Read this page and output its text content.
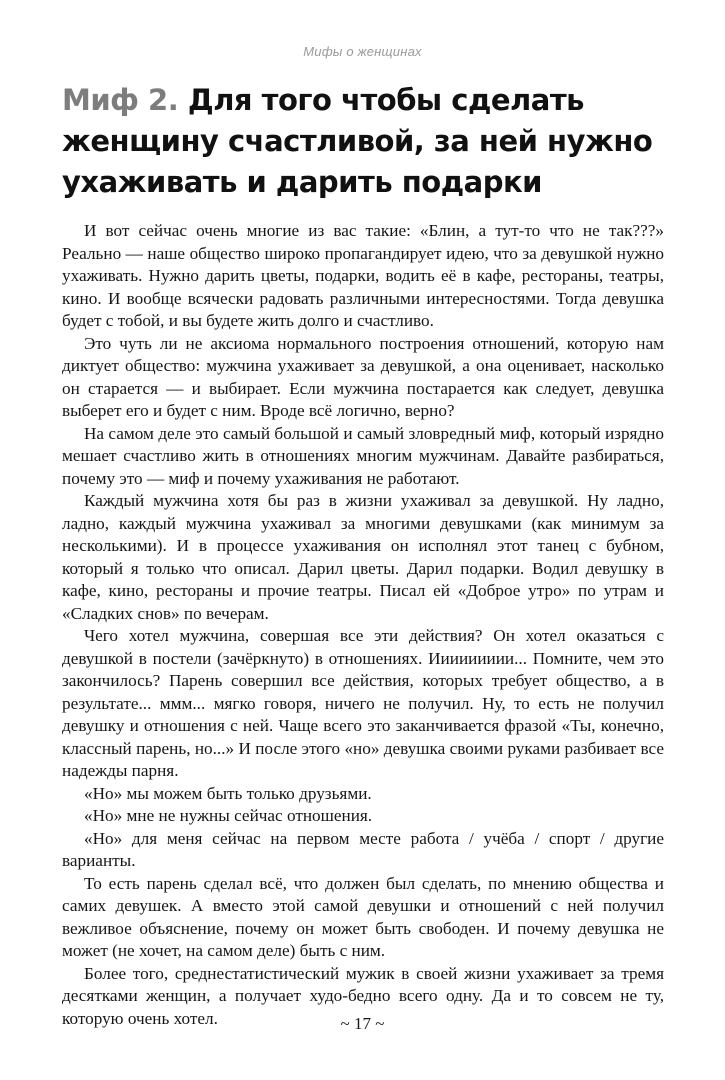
Мифы о женщинах
Миф 2. Для того чтобы сделать женщину счастливой, за ней нужно ухаживать и дарить подарки

И вот сейчас очень многие из вас такие: «Блин, а тут-то что не так???» Реально — наше общество широко пропагандирует идею, что за девушкой нужно ухаживать. Нужно дарить цветы, подарки, водить её в кафе, рестораны, театры, кино. И вообще всячески радовать различными интересностями. Тогда девушка будет с тобой, и вы будете жить долго и счастливо.

Это чуть ли не аксиома нормального построения отношений, которую нам диктует общество: мужчина ухаживает за девушкой, а она оценивает, насколько он старается — и выбирает. Если мужчина постарается как следует, девушка выберет его и будет с ним. Вроде всё логично, верно?

На самом деле это самый большой и самый зловредный миф, который изрядно мешает счастливо жить в отношениях многим мужчинам. Давайте разбираться, почему это — миф и почему ухаживания не работают.

Каждый мужчина хотя бы раз в жизни ухаживал за девушкой. Ну ладно, ладно, каждый мужчина ухаживал за многими девушками (как минимум за несколькими). И в процессе ухаживания он исполнял этот танец с бубном, который я только что описал. Дарил цветы. Дарил подарки. Водил девушку в кафе, кино, рестораны и прочие театры. Писал ей «Доброе утро» по утрам и «Сладких снов» по вечерам.

Чего хотел мужчина, совершая все эти действия? Он хотел оказаться с девушкой в постели (зачёркнуто) в отношениях. Иииииииии... Помните, чем это закончилось? Парень совершил все действия, которых требует общество, а в результате... ммм... мягко говоря, ничего не получил. Ну, то есть не получил девушку и отношения с ней. Чаще всего это заканчивается фразой «Ты, конечно, классный парень, но...» И после этого «но» девушка своими руками разбивает все надежды парня.

«Но» мы можем быть только друзьями.

«Но» мне не нужны сейчас отношения.

«Но» для меня сейчас на первом месте работа / учёба / спорт / другие варианты.

То есть парень сделал всё, что должен был сделать, по мнению общества и самих девушек. А вместо этой самой девушки и отношений с ней получил вежливое объяснение, почему он может быть свободен. И почему девушка не может (не хочет, на самом деле) быть с ним.

Более того, среднестатистический мужик в своей жизни ухаживает за тремя десятками женщин, а получает худо-бедно всего одну. Да и то совсем не ту, которую очень хотел.	~ 17 ~
